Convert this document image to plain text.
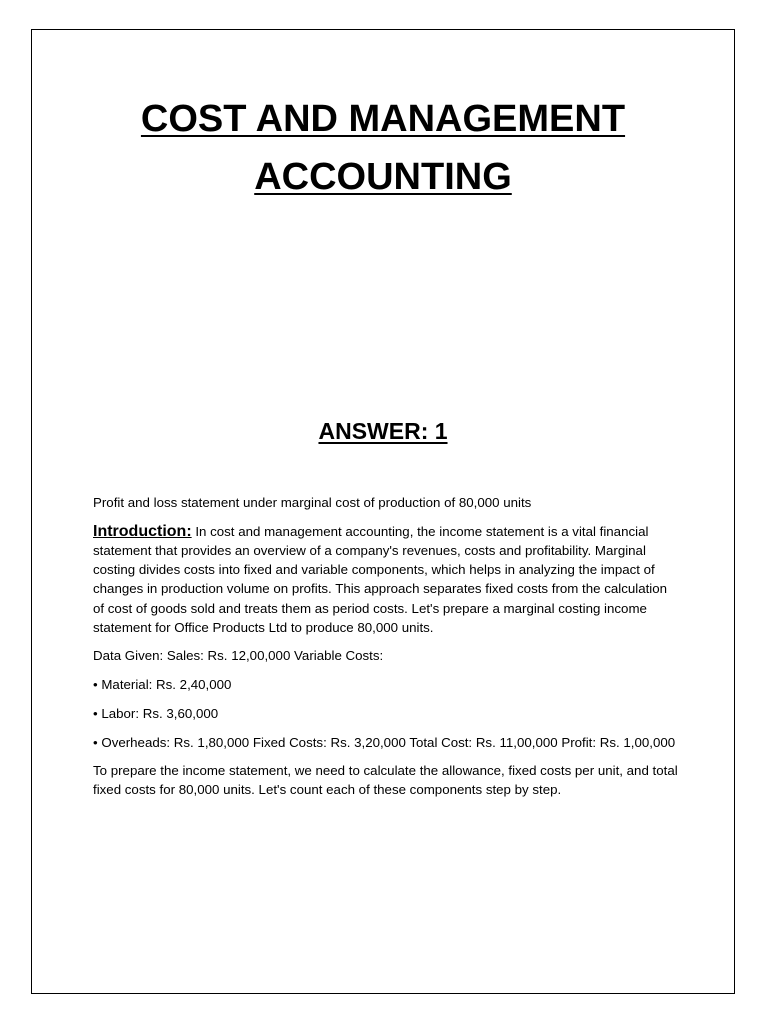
COST AND MANAGEMENT
ACCOUNTING
ANSWER: 1

Profit and loss statement under marginal cost of production of 80,000 units

Introduction: In cost and management accounting, the income statement is a vital financial statement that provides an overview of a company's revenues, costs and profitability. Marginal costing divides costs into fixed and variable components, which helps in analyzing the impact of changes in production volume on profits. This approach separates fixed costs from the calculation of cost of goods sold and treats them as period costs. Let's prepare a marginal costing income statement for Office Products Ltd to produce 80,000 units.

Data Given: Sales: Rs. 12,00,000 Variable Costs:

• Material: Rs. 2,40,000

• Labor: Rs. 3,60,000

• Overheads: Rs. 1,80,000 Fixed Costs: Rs. 3,20,000 Total Cost: Rs. 11,00,000 Profit: Rs. 1,00,000

To prepare the income statement, we need to calculate the allowance, fixed costs per unit, and total fixed costs for 80,000 units. Let's count each of these components step by step.
